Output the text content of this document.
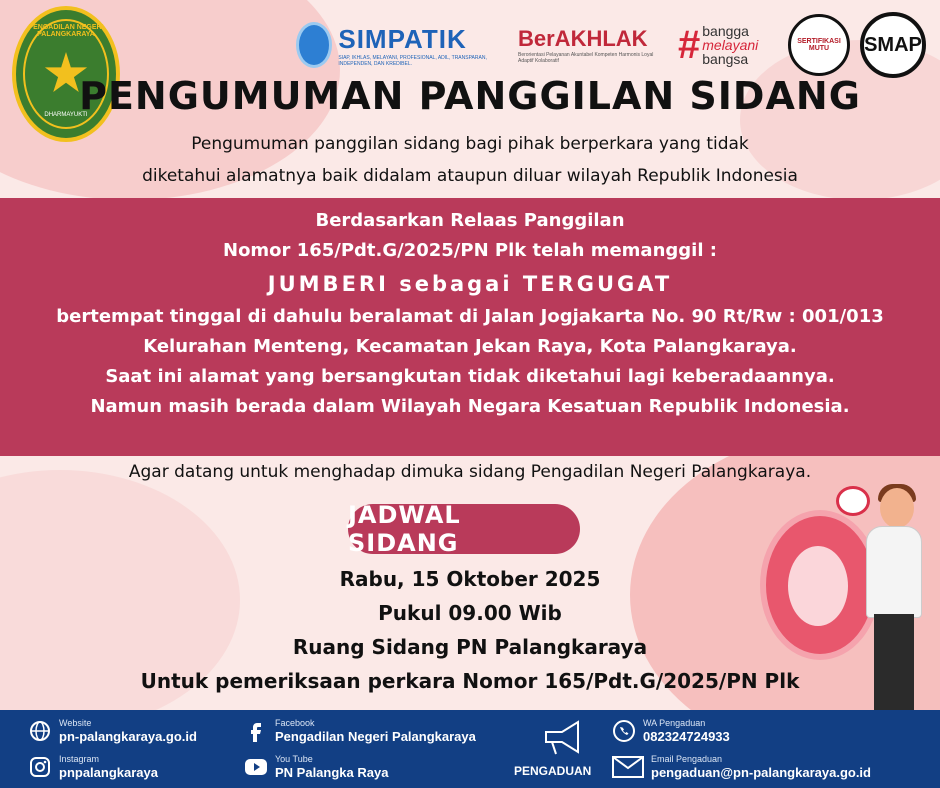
PENGADILAN NEGERI PALANGKARAYA
DHARMAYUKTI
SIMPATIK
SIAP, IKHLAS, MELAYANI, PROFESIONAL, ADIL, TRANSPARAN, INDEPENDEN, DAN KREDIBEL.
BerAKHLAK
Berorientasi Pelayanan Akuntabel Kompeten Harmonis Loyal Adaptif Kolaboratif	# bangga
melayani
bangsa
SERTIFIKASI MUTU	SMAP
PENGUMUMAN PANGGILAN SIDANG
Pengumuman panggilan sidang bagi pihak berperkara yang tidak
diketahui alamatnya baik didalam ataupun diluar wilayah Republik Indonesia
Berdasarkan Relaas Panggilan
Nomor 165/Pdt.G/2025/PN Plk telah memanggil :
JUMBERI sebagai TERGUGAT
bertempat tinggal di dahulu beralamat di Jalan Jogjakarta No. 90 Rt/Rw : 001/013
Kelurahan Menteng, Kecamatan Jekan Raya, Kota Palangkaraya.
Saat ini alamat yang bersangkutan tidak diketahui lagi keberadaannya.
Namun masih berada dalam Wilayah Negara Kesatuan Republik Indonesia.
Agar datang untuk menghadap dimuka sidang Pengadilan Negeri Palangkaraya.
JADWAL SIDANG
Rabu, 15 Oktober 2025
Pukul 09.00 Wib
Ruang Sidang PN Palangkaraya
Untuk pemeriksaan perkara Nomor 165/Pdt.G/2025/PN Plk
Website
pn-palangkaraya.go.id
Instagram
pnpalangkaraya
Facebook
Pengadilan Negeri Palangkaraya
You Tube
PN Palangka Raya	PENGADUAN
WA Pengaduan
082324724933
Email Pengaduan
pengaduan@pn-palangkaraya.go.id
